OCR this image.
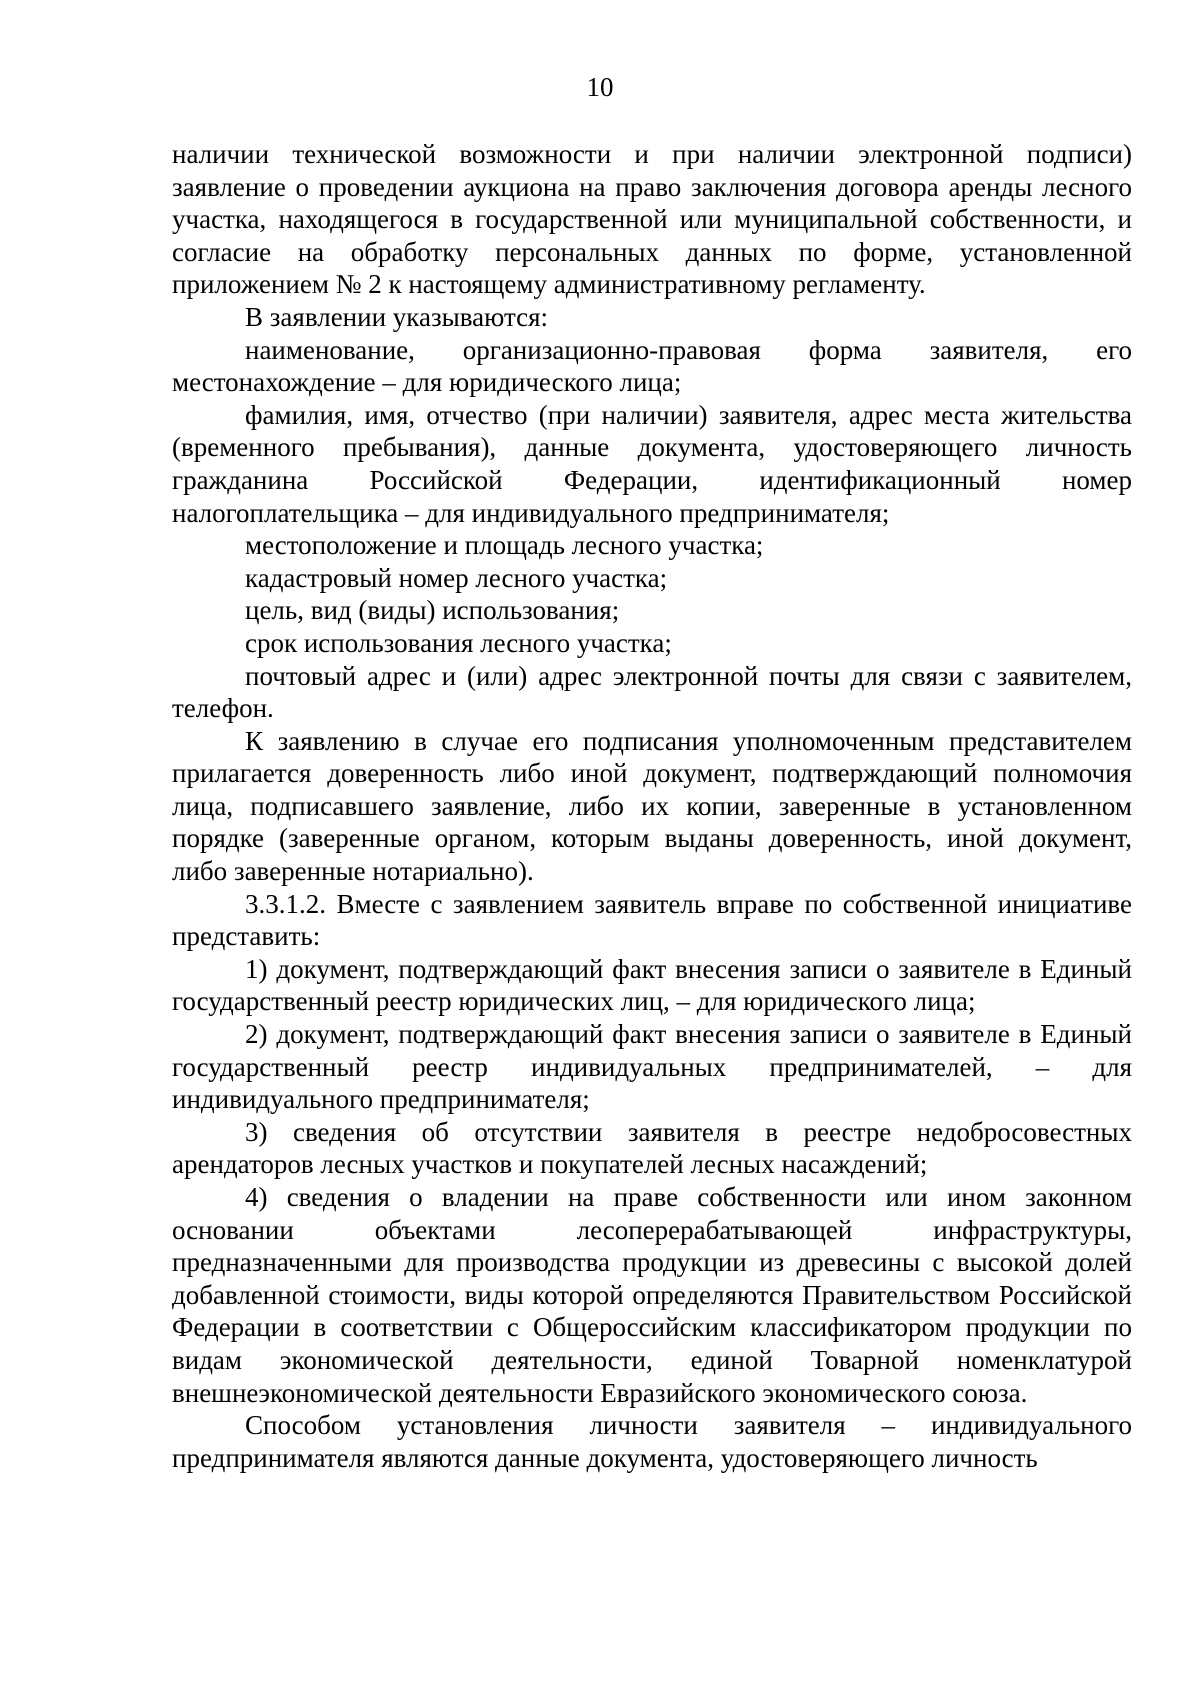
10

наличии технической возможности и при наличии электронной подписи) заявление о проведении аукциона на право заключения договора аренды лесного участка, находящегося в государственной или муниципальной собственности, и согласие на обработку персональных данных по форме, установленной приложением № 2 к настоящему административному регламенту.

В заявлении указываются:

наименование, организационно-правовая форма заявителя, его местонахождение – для юридического лица;

фамилия, имя, отчество (при наличии) заявителя, адрес места жительства (временного пребывания), данные документа, удостоверяющего личность гражданина Российской Федерации, идентификационный номер налогоплательщика – для индивидуального предпринимателя;

местоположение и площадь лесного участка;

кадастровый номер лесного участка;

цель, вид (виды) использования;

срок использования лесного участка;

почтовый адрес и (или) адрес электронной почты для связи с заявителем, телефон.

К заявлению в случае его подписания уполномоченным представителем прилагается доверенность либо иной документ, подтверждающий полномочия лица, подписавшего заявление, либо их копии, заверенные в установленном порядке (заверенные органом, которым выданы доверенность, иной документ, либо заверенные нотариально).

3.3.1.2. Вместе с заявлением заявитель вправе по собственной инициативе представить:

1) документ, подтверждающий факт внесения записи о заявителе в Единый государственный реестр юридических лиц, – для юридического лица;

2) документ, подтверждающий факт внесения записи о заявителе в Единый государственный реестр индивидуальных предпринимателей, – для индивидуального предпринимателя;

3) сведения об отсутствии заявителя в реестре недобросовестных арендаторов лесных участков и покупателей лесных насаждений;

4) сведения о владении на праве собственности или ином законном основании объектами лесоперерабатывающей инфраструктуры, предназначенными для производства продукции из древесины с высокой долей добавленной стоимости, виды которой определяются Правительством Российской Федерации в соответствии с Общероссийским классификатором продукции по видам экономической деятельности, единой Товарной номенклатурой внешнеэкономической деятельности Евразийского экономического союза.

Способом установления личности заявителя – индивидуального предпринимателя являются данные документа, удостоверяющего личность
